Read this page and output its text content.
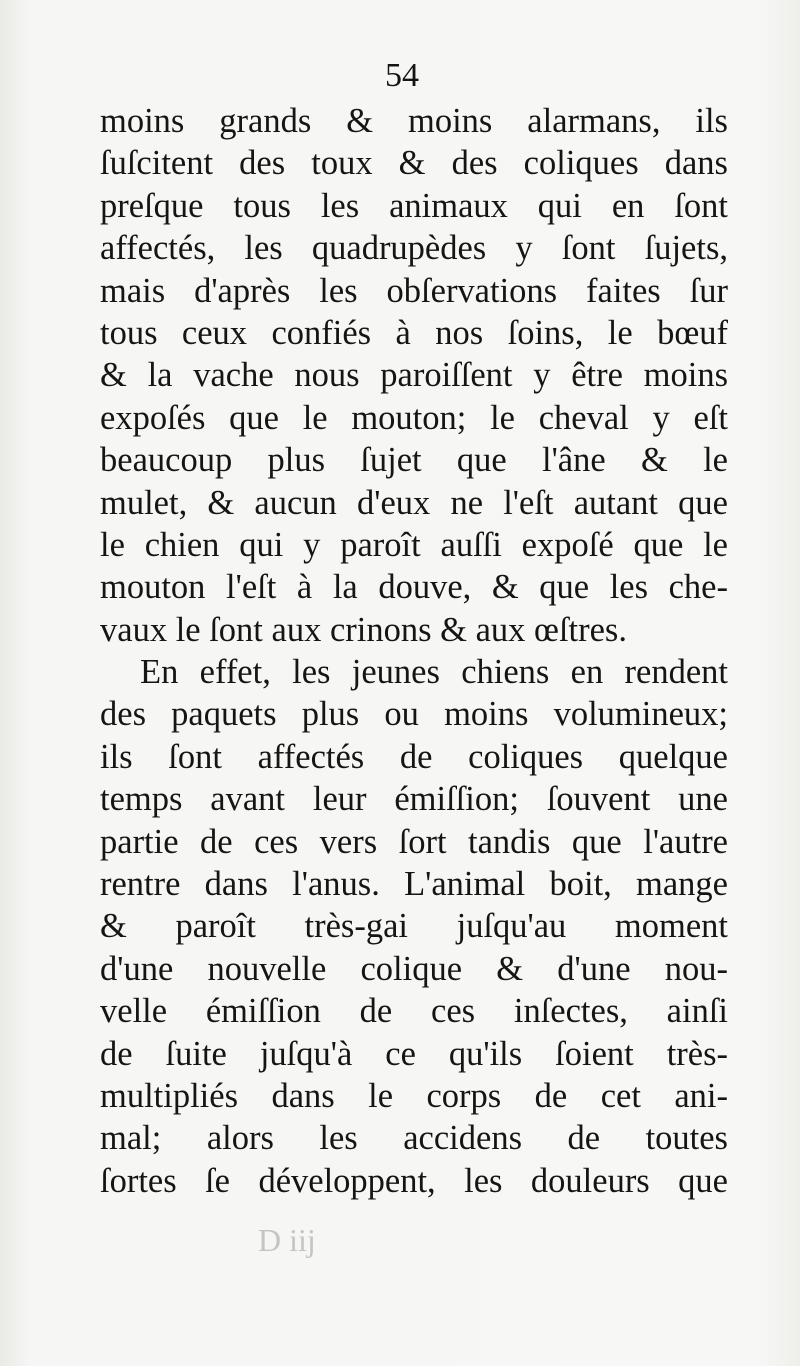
54
moins grands & moins alarmans, ils
ſuſcitent des toux & des coliques dans
preſque tous les animaux qui en ſont
affectés, les quadrupèdes y ſont ſujets,
mais d'après les obſervations faites ſur
tous ceux confiés à nos ſoins, le bœuf
& la vache nous paroiſſent y être moins
expoſés que le mouton; le cheval y eſt
beaucoup plus ſujet que l'âne & le
mulet, & aucun d'eux ne l'eſt autant que
le chien qui y paroît auſſi expoſé que le
mouton l'eſt à la douve, & que les che-
vaux le ſont aux crinons & aux œſtres.
En effet, les jeunes chiens en rendent
des paquets plus ou moins volumineux;
ils ſont affectés de coliques quelque
temps avant leur émiſſion; ſouvent une
partie de ces vers ſort tandis que l'autre
rentre dans l'anus. L'animal boit, mange
& paroît très-gai juſqu'au moment
d'une nouvelle colique & d'une nou-
velle émiſſion de ces inſectes, ainſi
de ſuite juſqu'à ce qu'ils ſoient très-
multipliés dans le corps de cet ani-
mal; alors les accidens de toutes
ſortes ſe développent, les douleurs que
D iij
